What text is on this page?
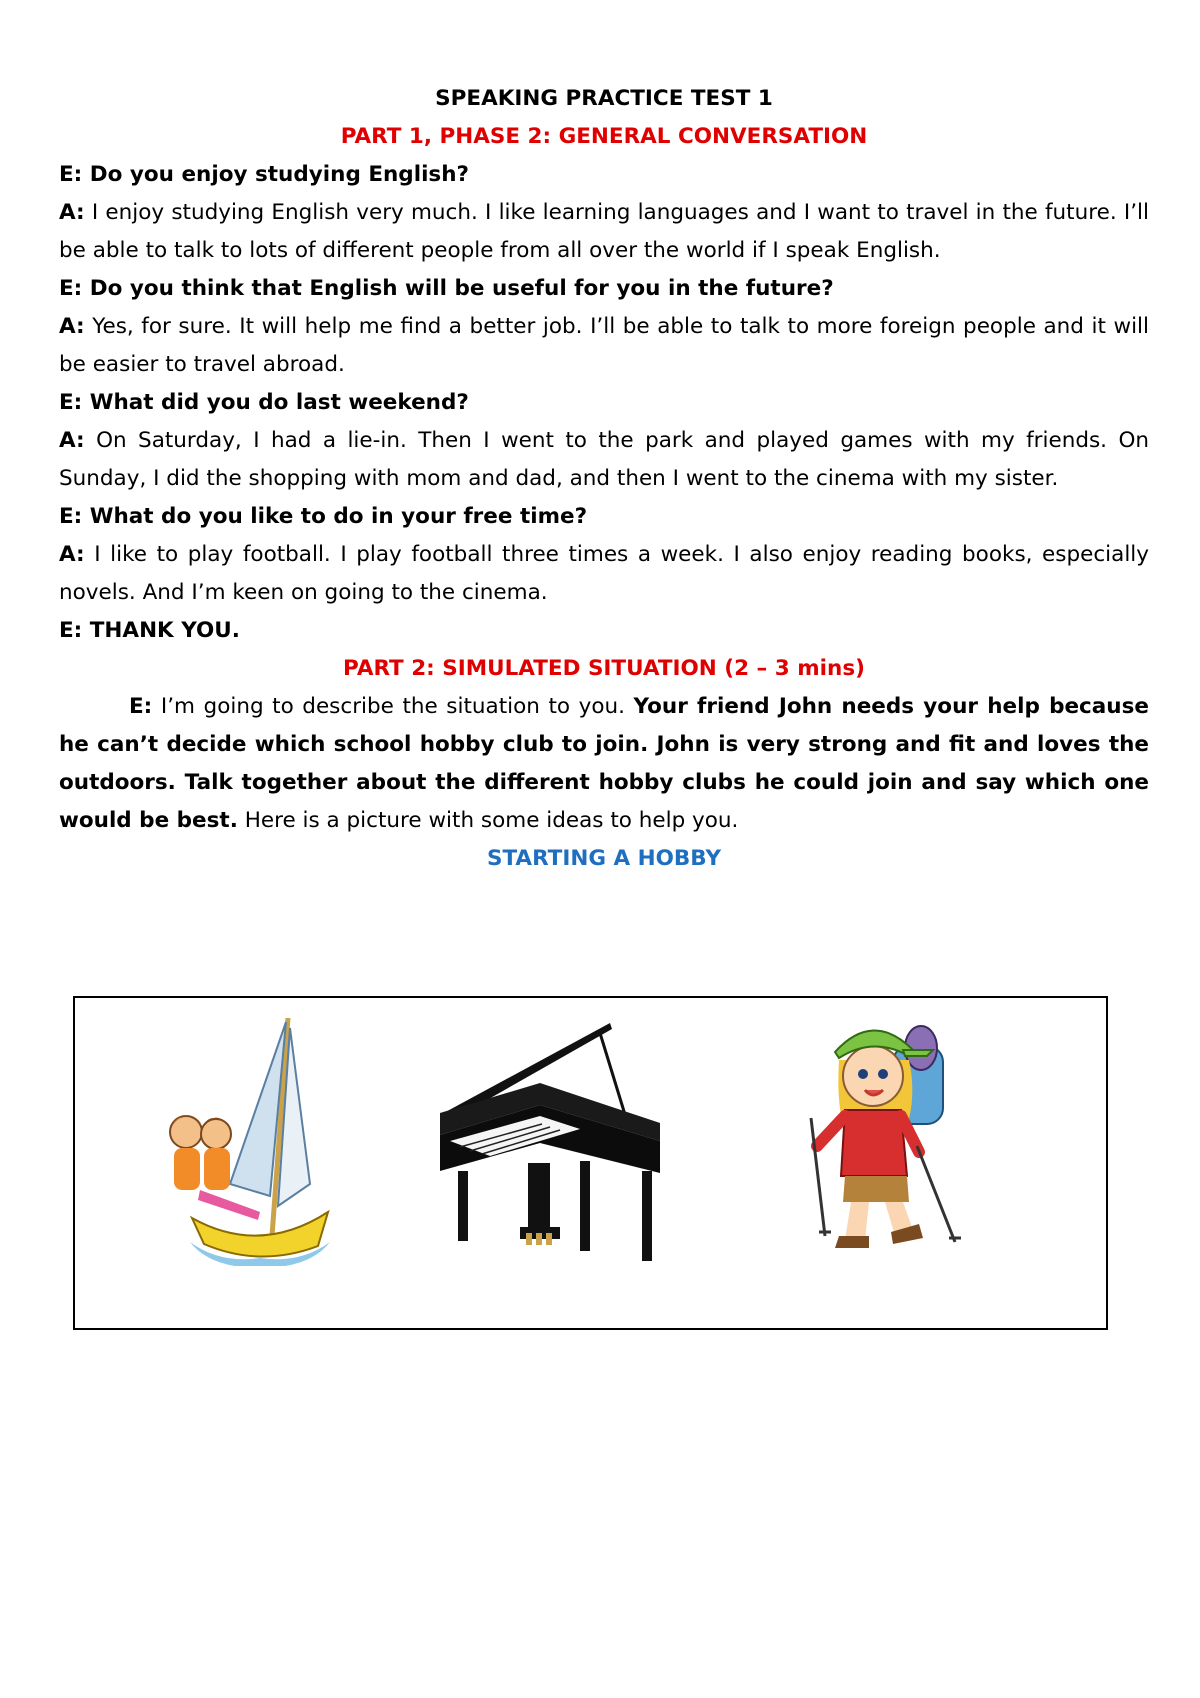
SPEAKING PRACTICE TEST 1
PART 1, PHASE 2: GENERAL CONVERSATION
E: Do you enjoy studying English?
A: I enjoy studying English very much. I like learning languages and I want to travel in the future. I’ll be able to talk to lots of different people from all over the world if I speak English.
E: Do you think that English will be useful for you in the future?
A: Yes, for sure. It will help me find a better job. I’ll be able to talk to more foreign people and it will be easier to travel abroad.
E: What did you do last weekend?
A: On Saturday, I had a lie-in. Then I went to the park and played games with my friends. On Sunday, I did the shopping with mom and dad, and then I went to the cinema with my sister.
E: What do you like to do in your free time?
A: I like to play football. I play football three times a week. I also enjoy reading books, especially novels. And I’m keen on going to the cinema.
E: THANK YOU.
PART 2: SIMULATED SITUATION (2 – 3 mins)
E: I’m going to describe the situation to you. Your friend John needs your help because he can’t decide which school hobby club to join. John is very strong and fit and loves the outdoors. Talk together about the different hobby clubs he could join and say which one would be best. Here is a picture with some ideas to help you.
STARTING A HOBBY
